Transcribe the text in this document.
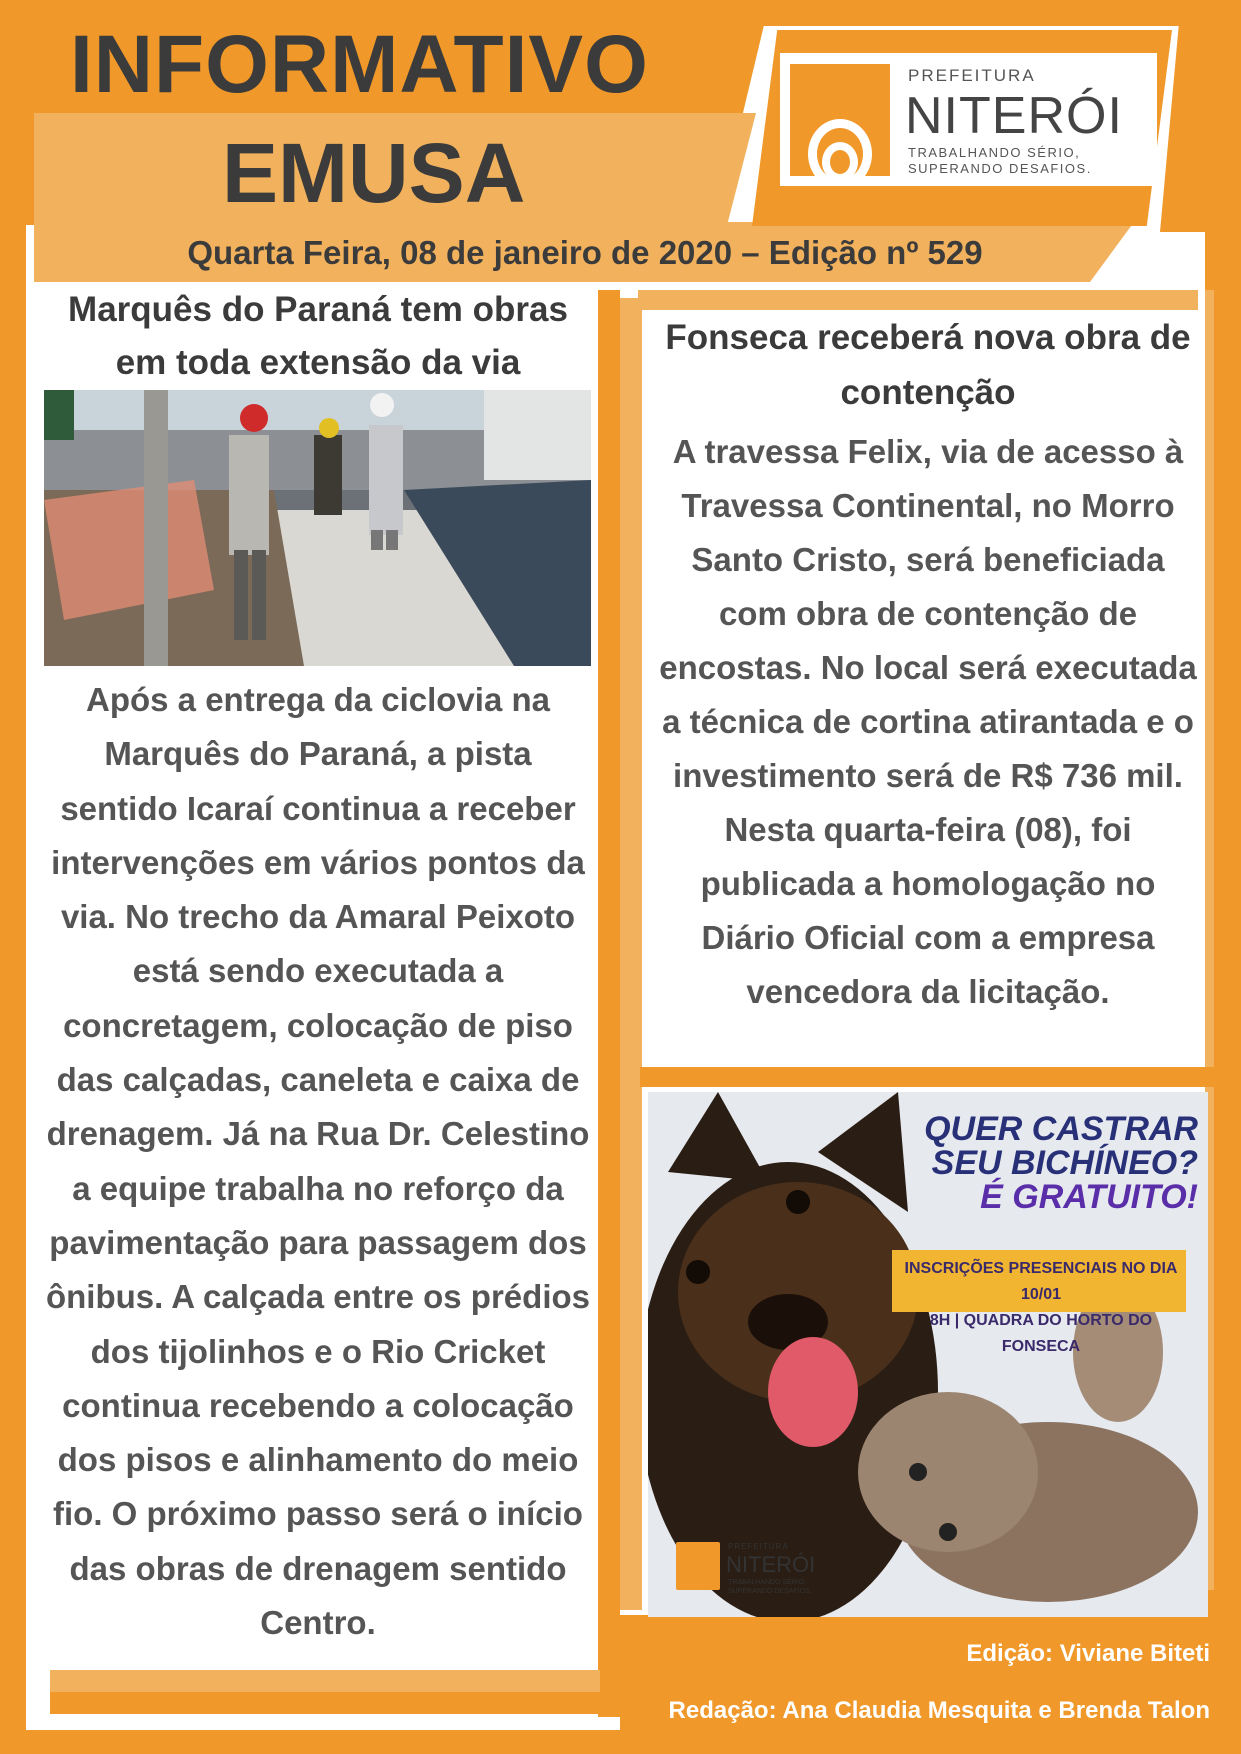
INFORMATIVO
EMUSA
Quarta Feira, 08 de janeiro de 2020 – Edição nº 529
PREFEITURA
NITERÓI
TRABALHANDO SÉRIO,
SUPERANDO DESAFIOS.
Marquês do Paraná tem obras em toda extensão da via
Após a entrega da ciclovia na Marquês do Paraná, a pista sentido Icaraí continua a receber intervenções em vários pontos da via. No trecho da Amaral Peixoto está sendo executada a concretagem, colocação de piso das calçadas, caneleta e caixa de drenagem. Já na Rua Dr. Celestino a equipe trabalha no reforço da pavimentação para passagem dos ônibus. A calçada entre os prédios dos tijolinhos e o Rio Cricket continua recebendo a colocação dos pisos e alinhamento do meio fio. O próximo passo será o início das obras de drenagem sentido Centro.
Fonseca receberá nova obra de contenção
A travessa Felix, via de acesso à Travessa Continental, no Morro Santo Cristo, será beneficiada com obra de contenção de encostas. No local será executada a técnica de cortina atirantada e o investimento será de R$ 736 mil. Nesta quarta-feira (08), foi publicada a homologação no Diário Oficial com a empresa vencedora da licitação.
QUER CASTRAR
SEU BICHÍNEO?
É GRATUITO!
INSCRIÇÕES PRESENCIAIS NO DIA 10/01
8H | QUADRA DO HORTO DO FONSECA
PREFEITURA
NITERÓI
TRABALHANDO SÉRIO,
SUPERANDO DESAFIOS.
Edição: Viviane Biteti
Redação: Ana Claudia Mesquita e Brenda Talon
